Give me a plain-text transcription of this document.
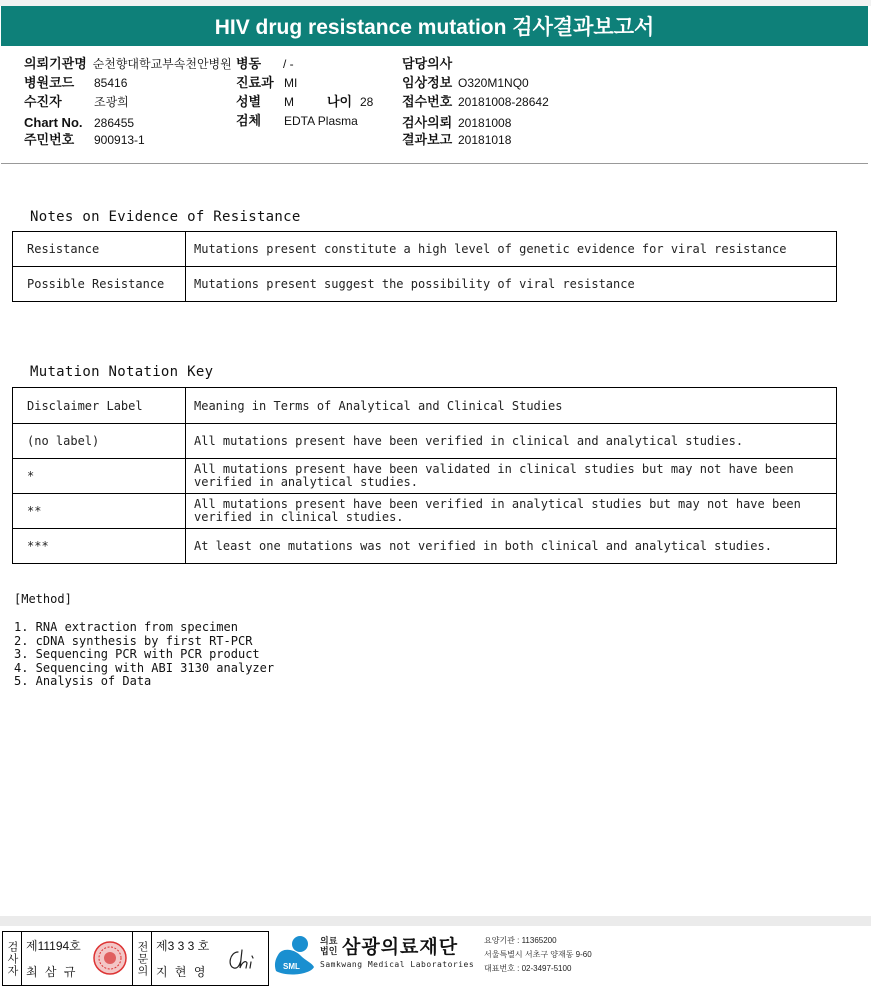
HIV drug resistance mutation 검사결과보고서
의뢰기관명 순천향대학교부속천안병원 병동 / -	담당의사
병원코드 85416	진료과 MI	임상정보 O320M1NQ0
수진자	조광희	성별 M	나이 28 접수번호 20181008-28642
Chart No. 286455	검체 EDTA Plasma	검사의뢰 20181008
주민번호 900913-1	결과보고 20181018
Notes on Evidence of Resistance
Resistance	Mutations present constitute a high level of genetic evidence for viral resistance
Possible Resistance	Mutations present suggest the possibility of viral resistance
Mutation Notation Key
Disclaimer Label	Meaning in Terms of Analytical and Clinical Studies
(no label)	All mutations present have been verified in clinical and analytical studies.
*	All mutations present have been validated in clinical studies but may not have been verified in analytical studies.
**	All mutations present have been verified in analytical studies but may not have been verified in clinical studies.
***	At least one mutations was not verified in both clinical and analytical studies.
[Method]
1. RNA extraction from specimen
2. cDNA synthesis by first RT-PCR
3. Sequencing PCR with PCR product
4. Sequencing with ABI 3130 analyzer
5. Analysis of Data
검사자 제11194호
최 삼 규	전문의 제3 3 3 호
지 현 영	SML
의료
법인 삼광의료재단
Samkwang Medical Laboratories
요양기관 : 11365200
서울특별시 서초구 양재동 9-60
대표번호 : 02-3497-5100
